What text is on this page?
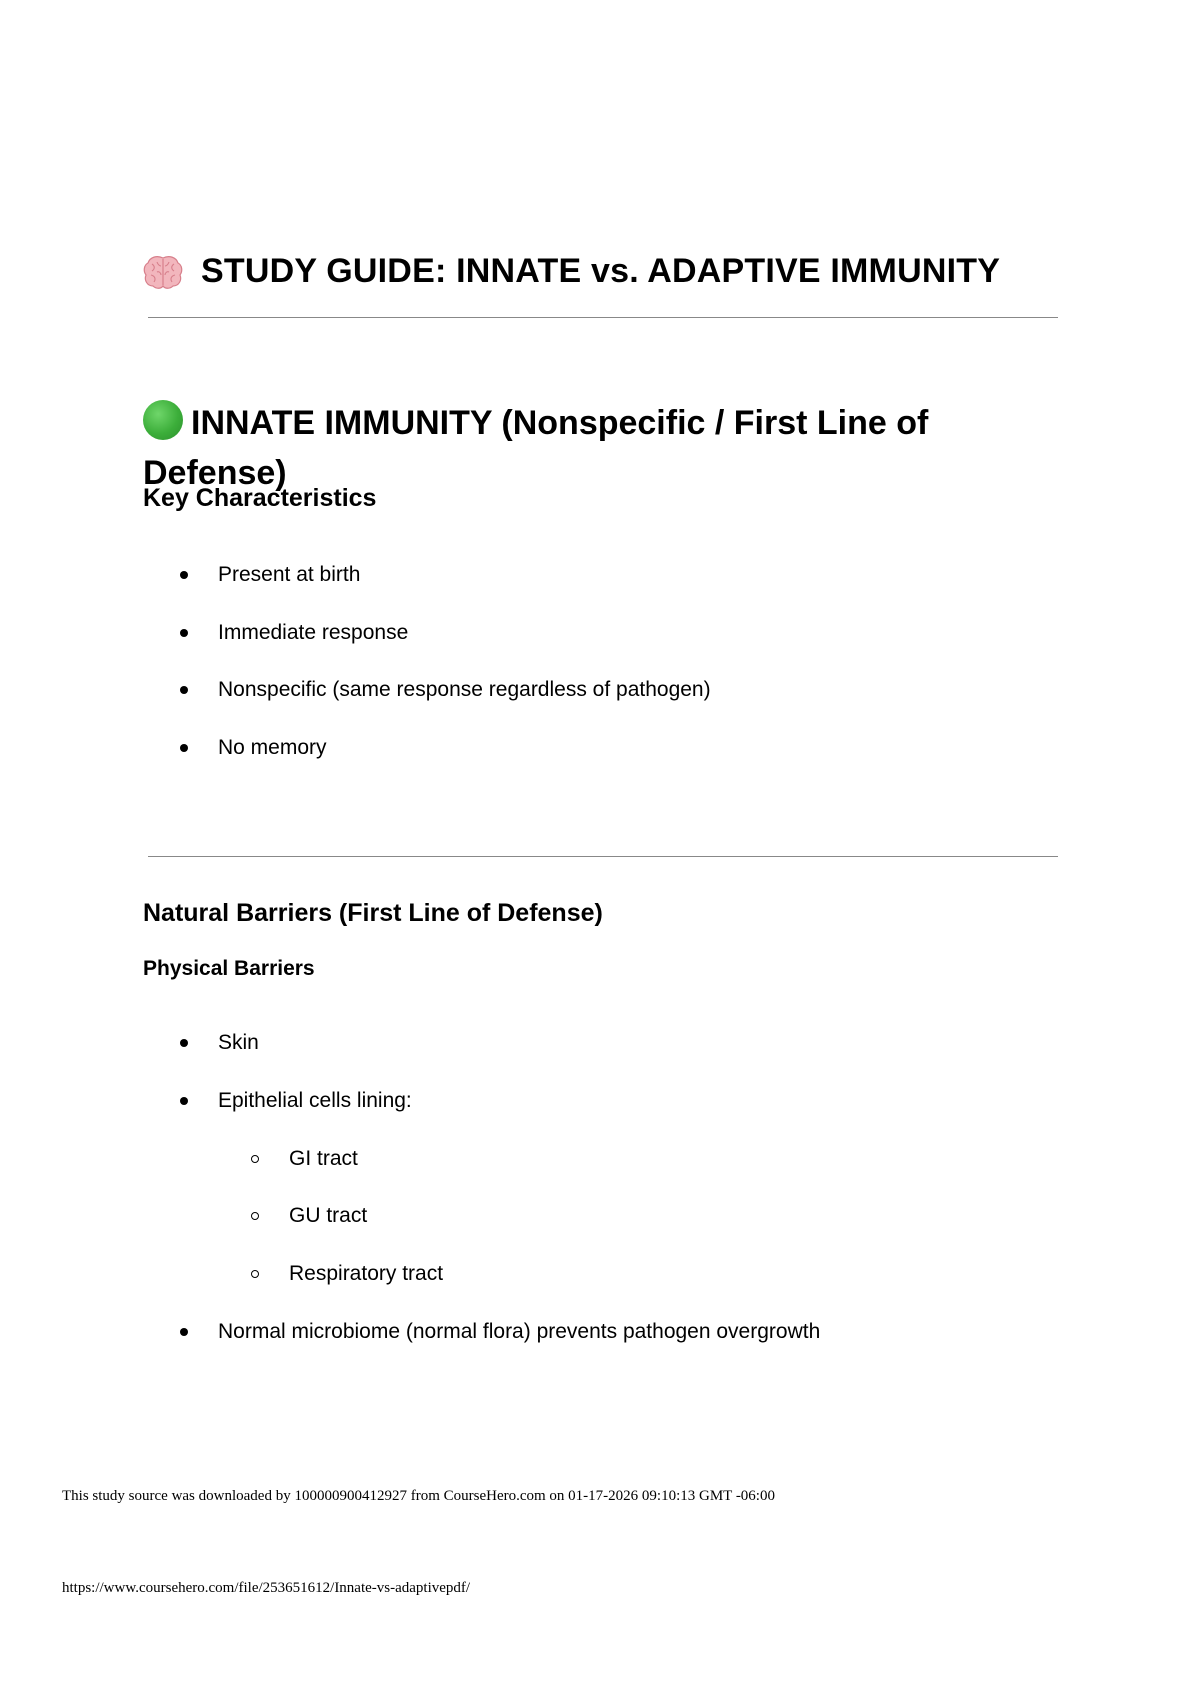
STUDY GUIDE: INNATE vs. ADAPTIVE IMMUNITY
INNATE IMMUNITY (Nonspecific / First Line of Defense)
Key Characteristics
Present at birth
Immediate response
Nonspecific (same response regardless of pathogen)
No memory
Natural Barriers (First Line of Defense)
Physical Barriers
Skin
Epithelial cells lining:
GI tract
GU tract
Respiratory tract
Normal microbiome (normal flora) prevents pathogen overgrowth
This study source was downloaded by 100000900412927 from CourseHero.com on 01-17-2026 09:10:13 GMT -06:00
https://www.coursehero.com/file/253651612/Innate-vs-adaptivepdf/
